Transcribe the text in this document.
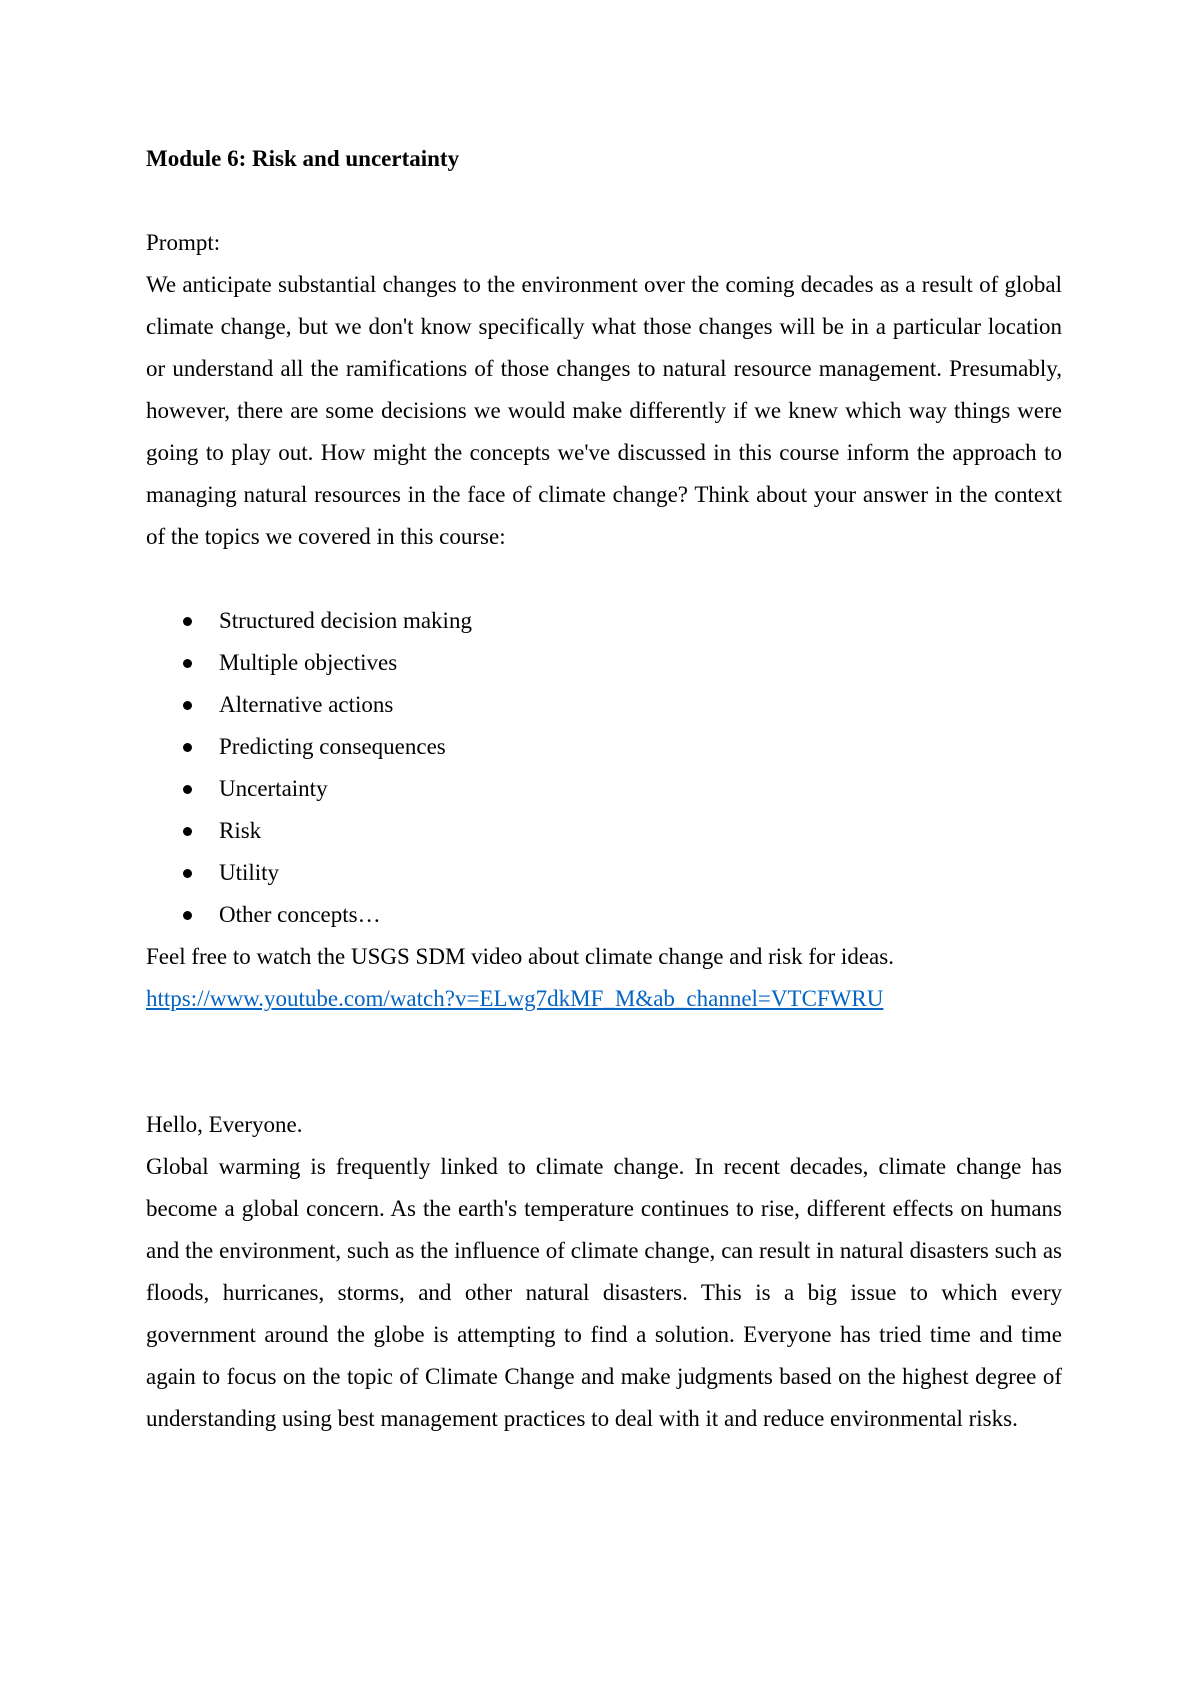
Module 6: Risk and uncertainty

Prompt:

We anticipate substantial changes to the environment over the coming decades as a result of global climate change, but we don't know specifically what those changes will be in a particular location or understand all the ramifications of those changes to natural resource management. Presumably, however, there are some decisions we would make differently if we knew which way things were going to play out. How might the concepts we've discussed in this course inform the approach to managing natural resources in the face of climate change? Think about your answer in the context of the topics we covered in this course:

Structured decision making
Multiple objectives
Alternative actions
Predicting consequences
Uncertainty
Risk
Utility
Other concepts…

Feel free to watch the USGS SDM video about climate change and risk for ideas.

https://www.youtube.com/watch?v=ELwg7dkMF_M&ab_channel=VTCFWRU

Hello, Everyone.

Global warming is frequently linked to climate change. In recent decades, climate change has become a global concern. As the earth's temperature continues to rise, different effects on humans and the environment, such as the influence of climate change, can result in natural disasters such as floods, hurricanes, storms, and other natural disasters. This is a big issue to which every government around the globe is attempting to find a solution. Everyone has tried time and time again to focus on the topic of Climate Change and make judgments based on the highest degree of understanding using best management practices to deal with it and reduce environmental risks.
